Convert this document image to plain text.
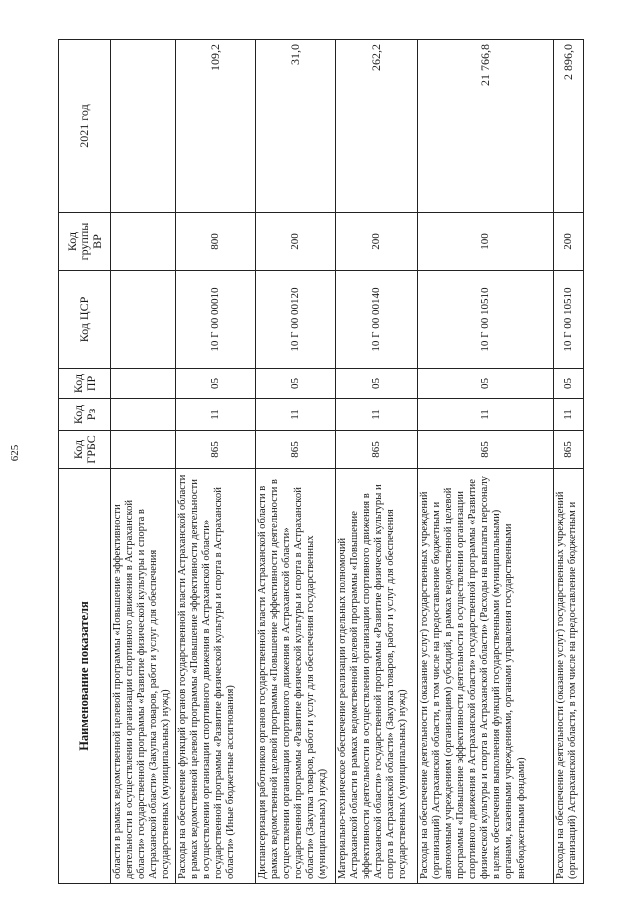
625
Наименование показателя	Код ГРБС	Код Рз	Код ПР	Код ЦСР	Код группы ВР	2021 год
области в рамках ведомственной целевой программы «Повышение эффективности деятельности в осуществлении организации спортивного движения в Астраханской области» государственной программы «Развитие физической культуры и спорта в Астраханской области» (Закупка товаров, работ и услуг для обеспечения государственных (муниципальных) нужд)						
Расходы на обеспечение функций органов государственной власти Астраханской области в рамках ведомственной целевой программы «Повышение эффективности деятельности в осуществлении организации спортивного движения в Астраханской области» государственной программы «Развитие физической культуры и спорта в Астраханской области» (Иные бюджетные ассигнования)	865	11	05	10 Г 00 00010	800	109,2
Диспансеризация работников органов государственной власти Астраханской области в рамках ведомственной целевой программы «Повышение эффективности деятельности в осуществлении организации спортивного движения в Астраханской области» государственной программы «Развитие физической культуры и спорта в Астраханской области» (Закупка товаров, работ и услуг для обеспечения государственных (муниципальных) нужд)	865	11	05	10 Г 00 00120	200	31,0
Материально-техническое обеспечение реализации отдельных полномочий Астраханской области в рамках ведомственной целевой программы «Повышение эффективности деятельности в осуществлении организации спортивного движения в Астраханской области» государственной программы «Развитие физической культуры и спорта в Астраханской области» (Закупка товаров, работ и услуг для обеспечения государственных (муниципальных) нужд)	865	11	05	10 Г 00 00140	200	262,2
Расходы на обеспечение деятельности (оказание услуг) государственных учреждений (организаций) Астраханской области, в том числе на предоставление бюджетным и автономным учреждениям (организациям) субсидий, в рамках ведомственной целевой программы «Повышение эффективности деятельности в осуществлении организации спортивного движения в Астраханской области» государственной программы «Развитие физической культуры и спорта в Астраханской области» (Расходы на выплаты персоналу в целях обеспечения выполнения функций государственными (муниципальными) органами, казенными учреждениями, органами управления государственными внебюджетными фондами)	865	11	05	10 Г 00 10510	100	21 766,8
Расходы на обеспечение деятельности (оказание услуг) государственных учреждений (организаций) Астраханской области, в том числе на предоставление бюджетным и	865	11	05	10 Г 00 10510	200	2 896,0
